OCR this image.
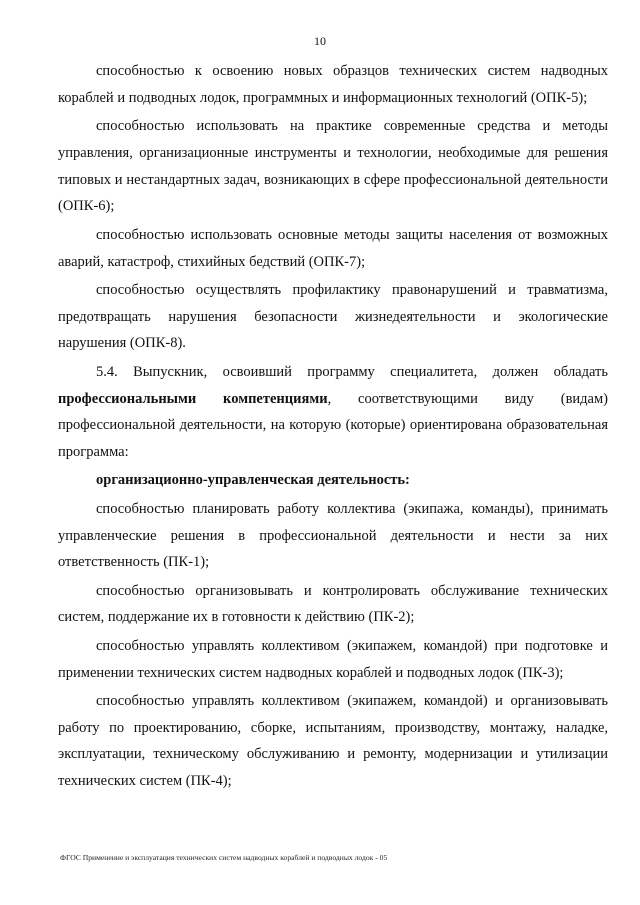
10

способностью к освоению новых образцов технических систем надводных кораблей и подводных лодок, программных и информационных технологий (ОПК-5);

способностью использовать на практике современные средства и методы управления, организационные инструменты и технологии, необходимые для решения типовых и нестандартных задач, возникающих в сфере профессиональной деятельности (ОПК-6);

способностью использовать основные методы защиты населения от возможных аварий, катастроф, стихийных бедствий (ОПК-7);

способностью осуществлять профилактику правонарушений и травматизма, предотвращать нарушения безопасности жизнедеятельности и экологические нарушения (ОПК-8).

5.4. Выпускник, освоивший программу специалитета, должен обладать профессиональными компетенциями, соответствующими виду (видам) профессиональной деятельности, на которую (которые) ориентирована образовательная программа:

организационно-управленческая деятельность:

способностью планировать работу коллектива (экипажа, команды), принимать управленческие решения в профессиональной деятельности и нести за них ответственность (ПК-1);

способностью организовывать и контролировать обслуживание технических систем, поддержание их в готовности к действию (ПК-2);

способностью управлять коллективом (экипажем, командой) при подготовке и применении технических систем надводных кораблей и подводных лодок (ПК-3);

способностью управлять коллективом (экипажем, командой) и организовывать работу по проектированию, сборке, испытаниям, производству, монтажу, наладке, эксплуатации, техническому обслуживанию и ремонту, модернизации и утилизации технических систем (ПК-4);

ФГОС Применение и эксплуатация технических систем надводных кораблей и подводных лодок - 05
